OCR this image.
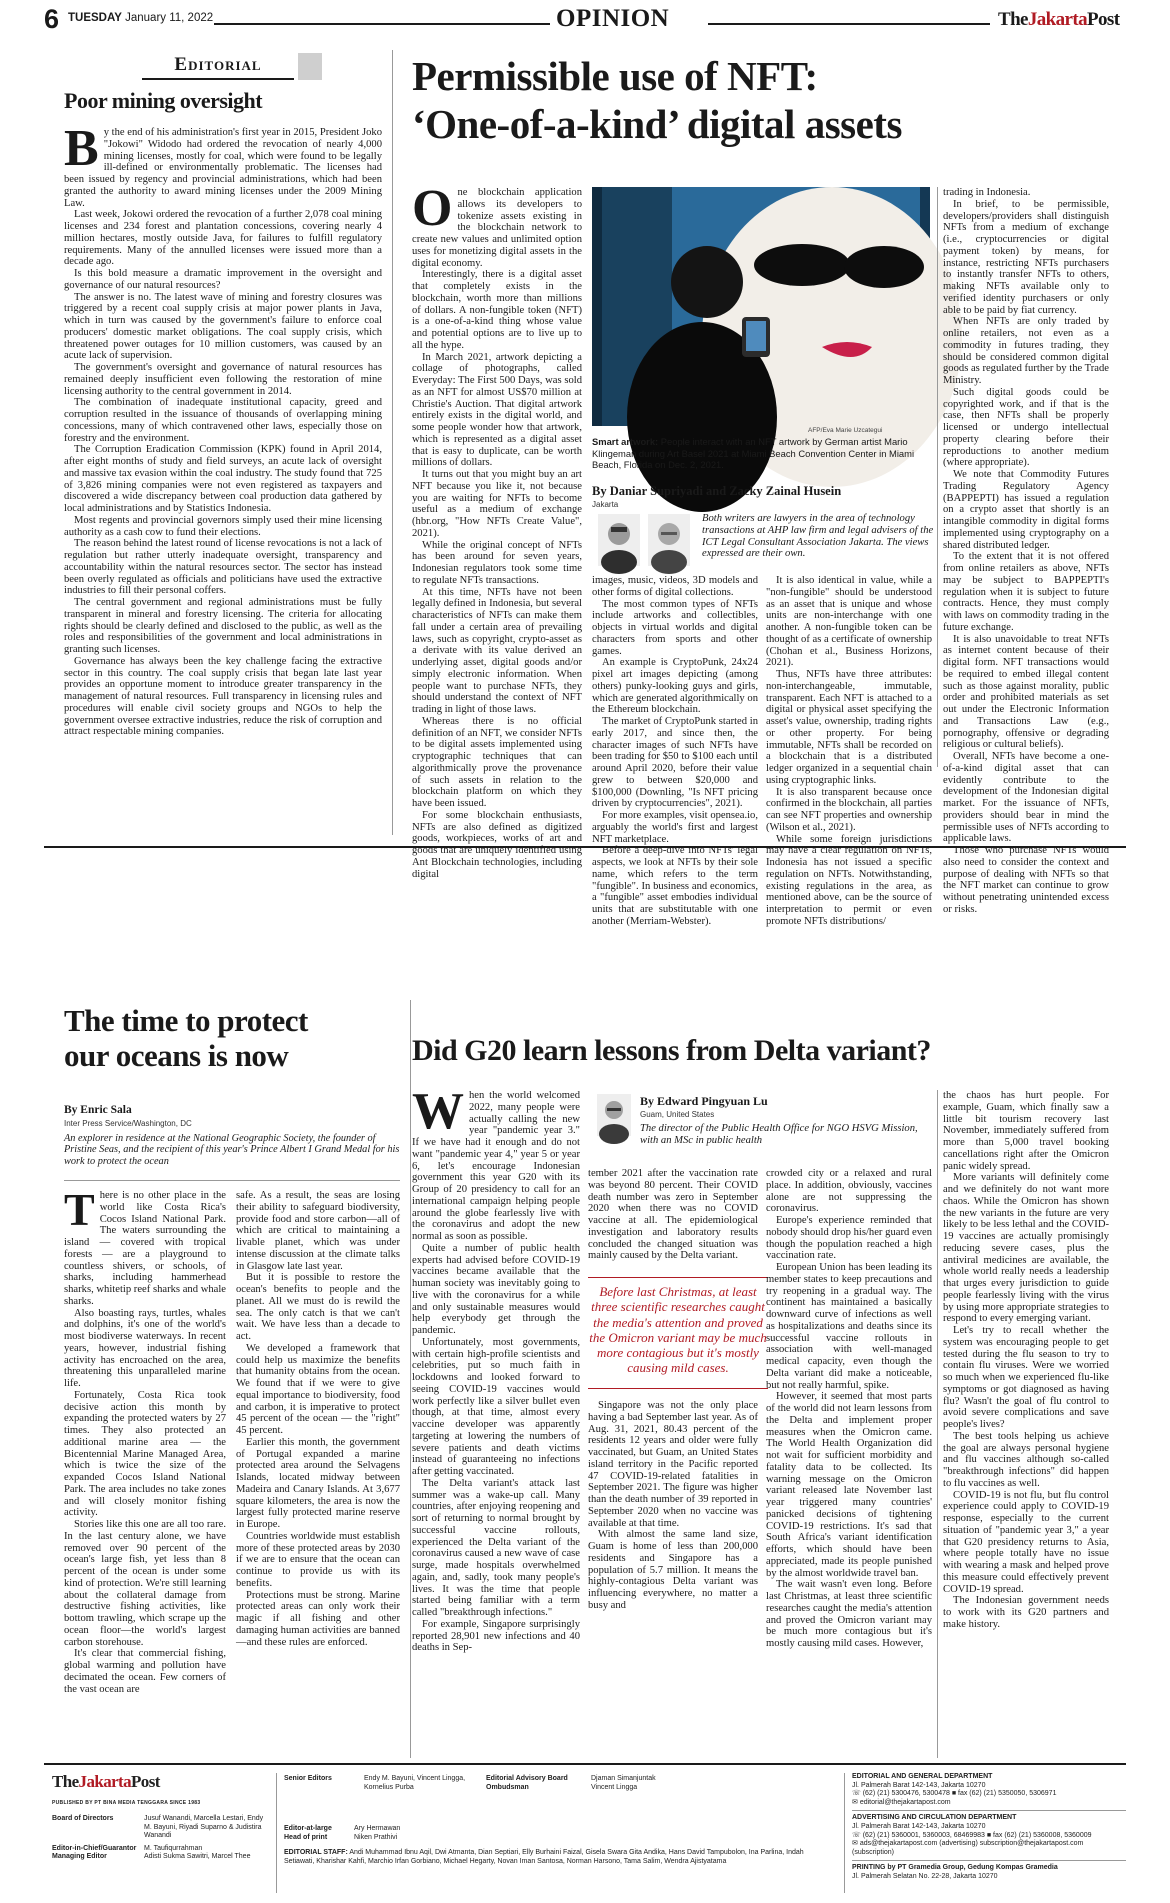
6 TUESDAY January 11, 2022	OPINION	TheJakartaPost
Editorial
Poor mining oversight
B y the end of his administration's first year in 2015, President Joko "Jokowi" Widodo had ordered the revocation of nearly 4,000 mining licenses, mostly for coal, which were found to be legally ill-defined or environmentally problematic. The licenses had been issued by regency and provincial administrations, which had been granted the authority to award mining licenses under the 2009 Mining Law.

Last week, Jokowi ordered the revocation of a further 2,078 coal mining licenses and 234 forest and plantation concessions, covering nearly 4 million hectares, mostly outside Java, for failures to fulfill regulatory requirements. Many of the annulled licenses were issued more than a decade ago.

Is this bold measure a dramatic improvement in the oversight and governance of our natural resources?

The answer is no. The latest wave of mining and forestry closures was triggered by a recent coal supply crisis at major power plants in Java, which in turn was caused by the government's failure to enforce coal producers' domestic market obligations. The coal supply crisis, which threatened power outages for 10 million customers, was caused by an acute lack of supervision.

The government's oversight and governance of natural resources has remained deeply insufficient even following the restoration of mine licensing authority to the central government in 2014.

The combination of inadequate institutional capacity, greed and corruption resulted in the issuance of thousands of overlapping mining concessions, many of which contravened other laws, especially those on forestry and the environment.

The Corruption Eradication Commission (KPK) found in April 2014, after eight months of study and field surveys, an acute lack of oversight and massive tax evasion within the coal industry. The study found that 725 of 3,826 mining companies were not even registered as taxpayers and discovered a wide discrepancy between coal production data gathered by local administrations and by Statistics Indonesia.

Most regents and provincial governors simply used their mine licensing authority as a cash cow to fund their elections.

The reason behind the latest round of license revocations is not a lack of regulation but rather utterly inadequate oversight, transparency and accountability within the natural resources sector. The sector has instead been overly regulated as officials and politicians have used the extractive industries to fill their personal coffers.

The central government and regional administrations must be fully transparent in mineral and forestry licensing. The criteria for allocating rights should be clearly defined and disclosed to the public, as well as the roles and responsibilities of the government and local administrations in granting such licenses.

Governance has always been the key challenge facing the extractive sector in this country. The coal supply crisis that began late last year provides an opportune moment to introduce greater transparency in the management of natural resources. Full transparency in licensing rules and procedures will enable civil society groups and NGOs to help the government oversee extractive industries, reduce the risk of corruption and attract respectable mining companies.

Permissible use of NFT:
‘One-of-a-kind’ digital assets
O ne blockchain application allows its developers to tokenize assets existing in the blockchain network to create new values and unlimited option uses for monetizing digital assets in the digital economy.

Interestingly, there is a digital asset that completely exists in the blockchain, worth more than millions of dollars. A non-fungible token (NFT) is a one-of-a-kind thing whose value and potential options are to live up to all the hype.

In March 2021, artwork depicting a collage of photographs, called Everyday: The First 500 Days, was sold as an NFT for almost US$70 million at Christie's Auction. That digital artwork entirely exists in the digital world, and some people wonder how that artwork, which is represented as a digital asset that is easy to duplicate, can be worth millions of dollars.

It turns out that you might buy an art NFT because you like it, not because you are waiting for NFTs to become useful as a medium of exchange (hbr.org, "How NFTs Create Value", 2021).

While the original concept of NFTs has been around for seven years, Indonesian regulators took some time to regulate NFTs transactions.

At this time, NFTs have not been legally defined in Indonesia, but several characteristics of NFTs can make them fall under a certain area of prevailing laws, such as copyright, crypto-asset as a derivate with its value derived an underlying asset, digital goods and/or simply electronic information. When people want to purchase NFTs, they should understand the context of NFT trading in light of those laws.

Whereas there is no official definition of an NFT, we consider NFTs to be digital assets implemented using cryptographic techniques that can algorithmically prove the provenance of such assets in relation to the blockchain platform on which they have been issued.

For some blockchain enthusiasts, NFTs are also defined as digitized goods, workpieces, works of art and goods that are uniquely identified using Ant Blockchain technologies, including digital

AFP/Eva Marie Uzcategui
Smart artwork: People interact with an NFT artwork by German artist Mario Klingeman during Art Basel 2021 at Miami Beach Convention Center in Miami Beach, Florida on Dec. 2, 2021.
By Daniar Supriyadi and Zacky Zainal Husein
Jakarta
Both writers are lawyers in the area of technology transactions at AHP law firm and legal advisers of the ICT Legal Consultant Association Jakarta. The views expressed are their own.

images, music, videos, 3D models and other forms of digital collections.

The most common types of NFTs include artworks and collectibles, objects in virtual worlds and digital characters from sports and other games.

An example is CryptoPunk, 24x24 pixel art images depicting (among others) punky-looking guys and girls, which are generated algorithmically on the Ethereum blockchain.

The market of CryptoPunk started in early 2017, and since then, the character images of such NFTs have been trading for $50 to $100 each until around April 2020, before their value grew to between $20,000 and $100,000 (Downling, "Is NFT pricing driven by cryptocurrencies", 2021).

For more examples, visit opensea.io, arguably the world's first and largest NFT marketplace.

Before a deep-dive into NFTs' legal aspects, we look at NFTs by their sole name, which refers to the term "fungible". In business and economics, a "fungible" asset embodies individual units that are substitutable with one another (Merriam-Webster).

It is also identical in value, while a "non-fungible" should be understood as an asset that is unique and whose units are non-interchange with one another. A non-fungible token can be thought of as a certificate of ownership (Chohan et al., Business Horizons, 2021).

Thus, NFTs have three attributes: non-interchangeable, immutable, transparent. Each NFT is attached to a digital or physical asset specifying the asset's value, ownership, trading rights or other property. For being immutable, NFTs shall be recorded on a blockchain that is a distributed ledger organized in a sequential chain using cryptographic links.

It is also transparent because once confirmed in the blockchain, all parties can see NFT properties and ownership (Wilson et al., 2021).

While some foreign jurisdictions may have a clear regulation on NFTs, Indonesia has not issued a specific regulation on NFTs. Notwithstanding, existing regulations in the area, as mentioned above, can be the source of interpretation to permit or even promote NFTs distributions/

trading in Indonesia.

In brief, to be permissible, developers/providers shall distinguish NFTs from a medium of exchange (i.e., cryptocurrencies or digital payment token) by means, for instance, restricting NFTs purchasers to instantly transfer NFTs to others, making NFTs available only to verified identity purchasers or only able to be paid by fiat currency.

When NFTs are only traded by online retailers, not even as a commodity in futures trading, they should be considered common digital goods as regulated further by the Trade Ministry.

Such digital goods could be copyrighted work, and if that is the case, then NFTs shall be properly licensed or undergo intellectual property clearing before their reproductions to another medium (where appropriate).

We note that Commodity Futures Trading Regulatory Agency (BAPPEPTI) has issued a regulation on a crypto asset that shortly is an intangible commodity in digital forms implemented using cryptography on a shared distributed ledger.

To the extent that it is not offered from online retailers as above, NFTs may be subject to BAPPEPTI's regulation when it is subject to future contracts. Hence, they must comply with laws on commodity trading in the future exchange.

It is also unavoidable to treat NFTs as internet content because of their digital form. NFT transactions would be required to embed illegal content such as those against morality, public order and prohibited materials as set out under the Electronic Information and Transactions Law (e.g., pornography, offensive or degrading religious or cultural beliefs).

Overall, NFTs have become a one-of-a-kind digital asset that can evidently contribute to the development of the Indonesian digital market. For the issuance of NFTs, providers should bear in mind the permissible uses of NFTs according to applicable laws.

Those who purchase NFTs would also need to consider the context and purpose of dealing with NFTs so that the NFT market can continue to grow without penetrating unintended excess or risks.

The time to protect
our oceans is now
By Enric Sala
Inter Press Service/Washington, DC
An explorer in residence at the National Geographic Society, the founder of Pristine Seas, and the recipient of this year's Prince Albert I Grand Medal for his work to protect the ocean
T here is no other place in the world like Costa Rica's Cocos Island National Park. The waters surrounding the island — covered with tropical forests — are a playground to countless shivers, or schools, of sharks, including hammerhead sharks, whitetip reef sharks and whale sharks.

Also boasting rays, turtles, whales and dolphins, it's one of the world's most biodiverse waterways. In recent years, however, industrial fishing activity has encroached on the area, threatening this unparalleled marine life.

Fortunately, Costa Rica took decisive action this month by expanding the protected waters by 27 times. They also protected an additional marine area — the Bicentennial Marine Managed Area, which is twice the size of the expanded Cocos Island National Park. The area includes no take zones and will closely monitor fishing activity.

Stories like this one are all too rare. In the last century alone, we have removed over 90 percent of the ocean's large fish, yet less than 8 percent of the ocean is under some kind of protection. We're still learning about the collateral damage from destructive fishing activities, like bottom trawling, which scrape up the ocean floor—the world's largest carbon storehouse.

It's clear that commercial fishing, global warming and pollution have decimated the ocean. Few corners of the vast ocean are

safe. As a result, the seas are losing their ability to safeguard biodiversity, provide food and store carbon—all of which are critical to maintaining a livable planet, which was under intense discussion at the climate talks in Glasgow late last year.

But it is possible to restore the ocean's benefits to people and the planet. All we must do is rewild the sea. The only catch is that we can't wait. We have less than a decade to act.

We developed a framework that could help us maximize the benefits that humanity obtains from the ocean. We found that if we were to give equal importance to biodiversity, food and carbon, it is imperative to protect 45 percent of the ocean — the "right" 45 percent.

Earlier this month, the government of Portugal expanded a marine protected area around the Selvagens Islands, located midway between Madeira and Canary Islands. At 3,677 square kilometers, the area is now the largest fully protected marine reserve in Europe.

Countries worldwide must establish more of these protected areas by 2030 if we are to ensure that the ocean can continue to provide us with its benefits.

Protections must be strong. Marine protected areas can only work their magic if all fishing and other damaging human activities are banned—and these rules are enforced.

Did G20 learn lessons from Delta variant?
W hen the world welcomed 2022, many people were actually calling the new year "pandemic year 3." If we have had it enough and do not want "pandemic year 4," year 5 or year 6, let's encourage Indonesian government this year G20 with its Group of 20 presidency to call for an international campaign helping people around the globe fearlessly live with the coronavirus and adopt the new normal as soon as possible.

Quite a number of public health experts had advised before COVID-19 vaccines became available that the human society was inevitably going to live with the coronavirus for a while and only sustainable measures would help everybody get through the pandemic.

Unfortunately, most governments, with certain high-profile scientists and celebrities, put so much faith in lockdowns and looked forward to seeing COVID-19 vaccines would work perfectly like a silver bullet even though, at that time, almost every vaccine developer was apparently targeting at lowering the numbers of severe patients and death victims instead of guaranteeing no infections after getting vaccinated.

The Delta variant's attack last summer was a wake-up call. Many countries, after enjoying reopening and sort of returning to normal brought by successful vaccine rollouts, experienced the Delta variant of the coronavirus caused a new wave of case surge, made hospitals overwhelmed again, and, sadly, took many people's lives. It was the time that people started being familiar with a term called "breakthrough infections."

For example, Singapore surprisingly reported 28,901 new infections and 40 deaths in Sep-

By Edward Pingyuan Lu
Guam, United States
The director of the Public Health Office for NGO HSVG Mission, with an MSc in public health

tember 2021 after the vaccination rate was beyond 80 percent. Their COVID death number was zero in September 2020 when there was no COVID vaccine at all. The epidemiological investigation and laboratory results concluded the changed situation was mainly caused by the Delta variant.

Before last Christmas, at least three scientific researches caught the media's attention and proved the Omicron variant may be much more contagious but it's mostly causing mild cases.

Singapore was not the only place having a bad September last year. As of Aug. 31, 2021, 80.43 percent of the residents 12 years and older were fully vaccinated, but Guam, an United States island territory in the Pacific reported 47 COVID-19-related fatalities in September 2021. The figure was higher than the death number of 39 reported in September 2020 when no vaccine was available at that time.

With almost the same land size, Guam is home of less than 200,000 residents and Singapore has a population of 5.7 million. It means the highly-contagious Delta variant was influencing everywhere, no matter a busy and

crowded city or a relaxed and rural place. In addition, obviously, vaccines alone are not suppressing the coronavirus.

Europe's experience reminded that nobody should drop his/her guard even though the population reached a high vaccination rate.

European Union has been leading its member states to keep precautions and try reopening in a gradual way. The continent has maintained a basically downward curve of infections as well as hospitalizations and deaths since its successful vaccine rollouts in association with well-managed medical capacity, even though the Delta variant did make a noticeable, but not really harmful, spike.

However, it seemed that most parts of the world did not learn lessons from the Delta and implement proper measures when the Omicron came. The World Health Organization did not wait for sufficient morbidity and fatality data to be collected. Its warning message on the Omicron variant released late November last year triggered many countries' panicked decisions of tightening COVID-19 restrictions. It's sad that South Africa's variant identification efforts, which should have been appreciated, made its people punished by the almost worldwide travel ban.

The wait wasn't even long. Before last Christmas, at least three scientific researches caught the media's attention and proved the Omicron variant may be much more contagious but it's mostly causing mild cases. However,

the chaos has hurt people. For example, Guam, which finally saw a little bit tourism recovery last November, immediately suffered from more than 5,000 travel booking cancellations right after the Omicron panic widely spread.

More variants will definitely come and we definitely do not want more chaos. While the Omicron has shown the new variants in the future are very likely to be less lethal and the COVID-19 vaccines are actually promisingly reducing severe cases, plus the antiviral medicines are available, the whole world really needs a leadership that urges every jurisdiction to guide people fearlessly living with the virus by using more appropriate strategies to respond to every emerging variant.

Let's try to recall whether the system was encouraging people to get tested during the flu season to try to contain flu viruses. Were we worried so much when we experienced flu-like symptoms or got diagnosed as having flu? Wasn't the goal of flu control to avoid severe complications and save people's lives?

The best tools helping us achieve the goal are always personal hygiene and flu vaccines although so-called "breakthrough infections" did happen to flu vaccines as well.

COVID-19 is not flu, but flu control experience could apply to COVID-19 response, especially to the current situation of "pandemic year 3," a year that G20 presidency returns to Asia, where people totally have no issue with wearing a mask and helped prove this measure could effectively prevent COVID-19 spread.

The Indonesian government needs to work with its G20 partners and make history.

TheJakartaPost
PUBLISHED BY PT BINA MEDIA TENGGARA SINCE 1983
Board of Directors	Jusuf Wanandi, Marcella Lestari, Endy M. Bayuni, Riyadi Suparno & Judistira Wanandi
Editor-in-Chief/Guarantor	M. Taufiqurrahman
Managing Editor	Adisti Sukma Sawitri, Marcel Thee
Senior Editors	Endy M. Bayuni, Vincent Lingga, Kornelius Purba
Editor-at-large	Ary Hermawan
Head of print	Niken Prathivi
EDITORIAL STAFF: Andi Muhammad Ibnu Aqil, Dwi Atmanta, Dian Septiari, Elly Burhaini Faizal, Gisela Swara Gita Andika, Hans David Tampubolon, Ina Parlina, Indah Setiawati, Kharishar Kahfi, Marchio Irfan Gorbiano, Michael Hegarty, Novan Iman Santosa, Norman Harsono, Tama Salim, Wendra Ajistyatama
Editorial Advisory Board	Djaman Simanjuntak
Ombudsman	Vincent Lingga
EDITORIAL AND GENERAL DEPARTMENT
Jl. Palmerah Barat 142-143, Jakarta 10270
☏ (62) (21) 5300476, 5300478 ■ fax (62) (21) 5350050, 5306971
✉ editorial@thejakartapost.com
ADVERTISING AND CIRCULATION DEPARTMENT
Jl. Palmerah Barat 142-143, Jakarta 10270
☏ (62) (21) 5360001, 5360003, 68469983 ■ fax (62) (21) 5360008, 5360009
✉ ads@thejakartapost.com (advertising) subscription@thejakartapost.com (subscription)
PRINTING by PT Gramedia Group, Gedung Kompas Gramedia
Jl. Palmerah Selatan No. 22-28, Jakarta 10270
